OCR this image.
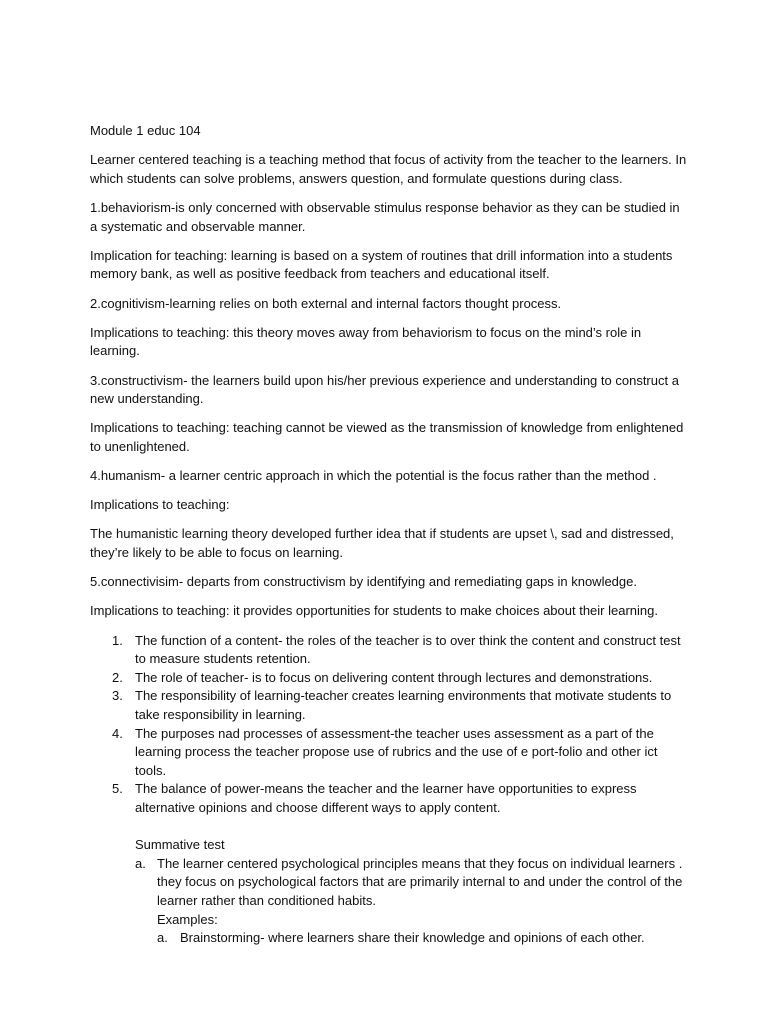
Module 1 educ 104
Learner centered teaching is a teaching method that focus of activity from the teacher to the learners. In which students can solve problems, answers question, and formulate questions during class.
1.behaviorism-is only concerned with observable stimulus response behavior as they can be studied in a systematic and observable manner.
Implication for teaching: learning is based on a system of routines that drill information into a students memory bank, as well as positive feedback from teachers and educational itself.
2.cognitivism-learning relies on both external and internal factors thought process.
Implications to teaching: this theory moves away from behaviorism to focus on the mind’s role in learning.
3.constructivism- the learners build upon his/her previous experience and understanding to construct a new understanding.
Implications to teaching: teaching cannot be viewed as the transmission of knowledge from enlightened to unenlightened.
4.humanism- a learner centric approach in which the potential is the focus rather than the method .
Implications to teaching:
The humanistic learning theory developed further idea that if students are upset \, sad and distressed, they’re likely to be able to focus on learning.
5.connectivisim- departs from constructivism by identifying and remediating gaps in knowledge.
Implications to teaching: it provides opportunities for students to make choices about their learning.
1. The function of a content- the roles of the teacher is to over think the content and construct test to measure students retention.
2. The role of teacher- is to focus on delivering content through lectures and demonstrations.
3. The responsibility of learning-teacher creates learning environments that motivate students to take responsibility in learning.
4. The purposes nad processes of assessment-the teacher uses assessment as a part of the learning process the teacher propose use of rubrics and the use of e port-folio and other ict tools.
5. The balance of power-means the teacher and the learner have opportunities to express alternative opinions and choose different ways to apply content.
Summative test
a. The learner centered psychological principles means that they focus on individual learners . they focus on psychological factors that are primarily internal to and under the control of the learner rather than conditioned habits.
Examples:
a. Brainstorming- where learners share their knowledge and opinions of each other.
